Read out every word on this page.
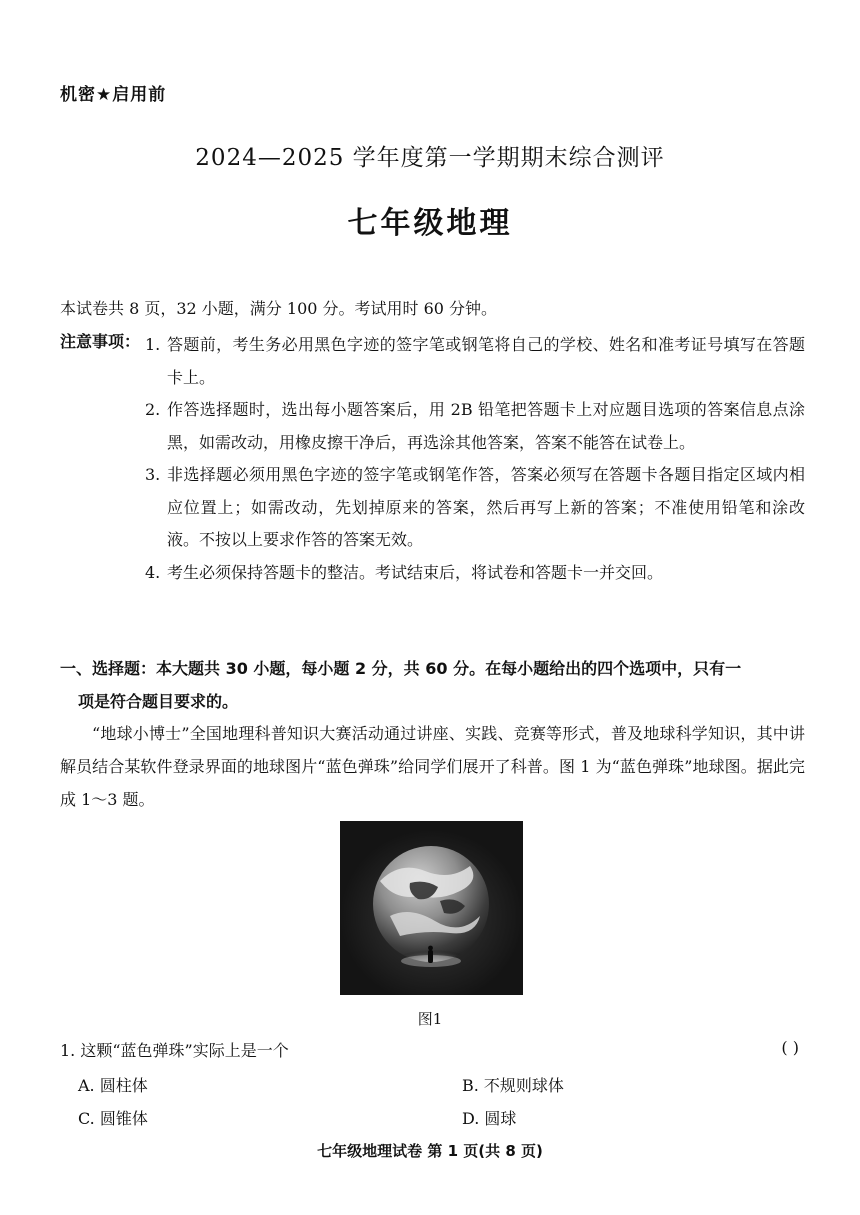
机密★启用前
2024—2025 学年度第一学期期末综合测评
七年级地理
本试卷共 8 页，32 小题，满分 100 分。考试用时 60 分钟。
注意事项： 1. 答题前，考生务必用黑色字迹的签字笔或钢笔将自己的学校、姓名和准考证号填写在答题卡上。
2. 作答选择题时，选出每小题答案后，用 2B 铅笔把答题卡上对应题目选项的答案信息点涂黑，如需改动，用橡皮擦干净后，再选涂其他答案，答案不能答在试卷上。
3. 非选择题必须用黑色字迹的签字笔或钢笔作答，答案必须写在答题卡各题目指定区域内相应位置上；如需改动，先划掉原来的答案，然后再写上新的答案；不准使用铅笔和涂改液。不按以上要求作答的答案无效。
4. 考生必须保持答题卡的整洁。考试结束后，将试卷和答题卡一并交回。
一、选择题：本大题共 30 小题，每小题 2 分，共 60 分。在每小题给出的四个选项中，只有一
项是符合题目要求的。
“地球小博士”全国地理科普知识大赛活动通过讲座、实践、竞赛等形式，普及地球科学知识，其中讲解员结合某软件登录界面的地球图片“蓝色弹珠”给同学们展开了科普。图 1 为“蓝色弹珠”地球图。据此完成 1～3 题。
图1
1. 这颗“蓝色弹珠”实际上是一个	( )
A. 圆柱体	B. 不规则球体
C. 圆锥体	D. 圆球
七年级地理试卷 第 1 页(共 8 页)
